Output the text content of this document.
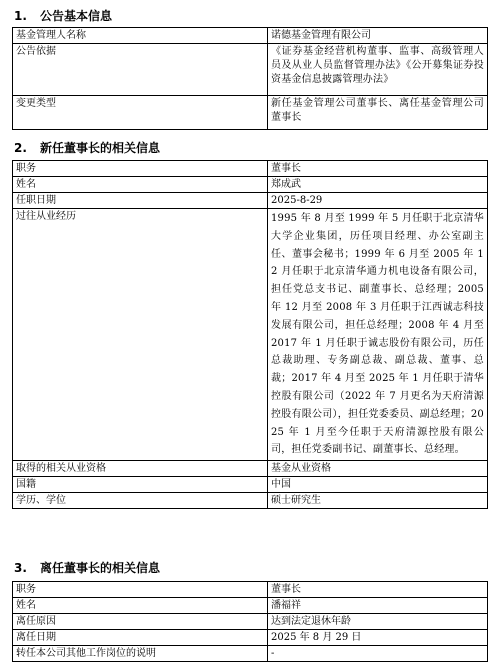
1. 公告基本信息
基金管理人名称	诺德基金管理有限公司
公告依据	《证券基金经营机构董事、监事、高级管理人员及从业人员监督管理办法》《公开募集证券投资基金信息披露管理办法》
变更类型	新任基金管理公司董事长、离任基金管理公司董事长
2. 新任董事长的相关信息
职务	董事长
姓名	郑成武
任职日期	2025-8-29
过往从业经历	1995 年 8 月至 1999 年 5 月任职于北京清华大学企业集团，历任项目经理、办公室副主任、董事会秘书；1999 年 6 月至 2005 年 12 月任职于北京清华通力机电设备有限公司，担任党总支书记、副董事长、总经理；2005 年 12 月至 2008 年 3 月任职于江西诚志科技发展有限公司，担任总经理；2008 年 4 月至 2017 年 1 月任职于诚志股份有限公司，历任总裁助理、专务副总裁、副总裁、董事、总裁；2017 年 4 月至 2025 年 1 月任职于清华控股有限公司（2022 年 7 月更名为天府清源控股有限公司），担任党委委员、副总经理；2025 年 1 月至今任职于天府清源控股有限公司，担任党委副书记、副董事长、总经理。
取得的相关从业资格	基金从业资格
国籍	中国
学历、学位	硕士研究生
3. 离任董事长的相关信息
职务	董事长
姓名	潘福祥
离任原因	达到法定退休年龄
离任日期	2025 年 8 月 29 日
转任本公司其他工作岗位的说明	-
